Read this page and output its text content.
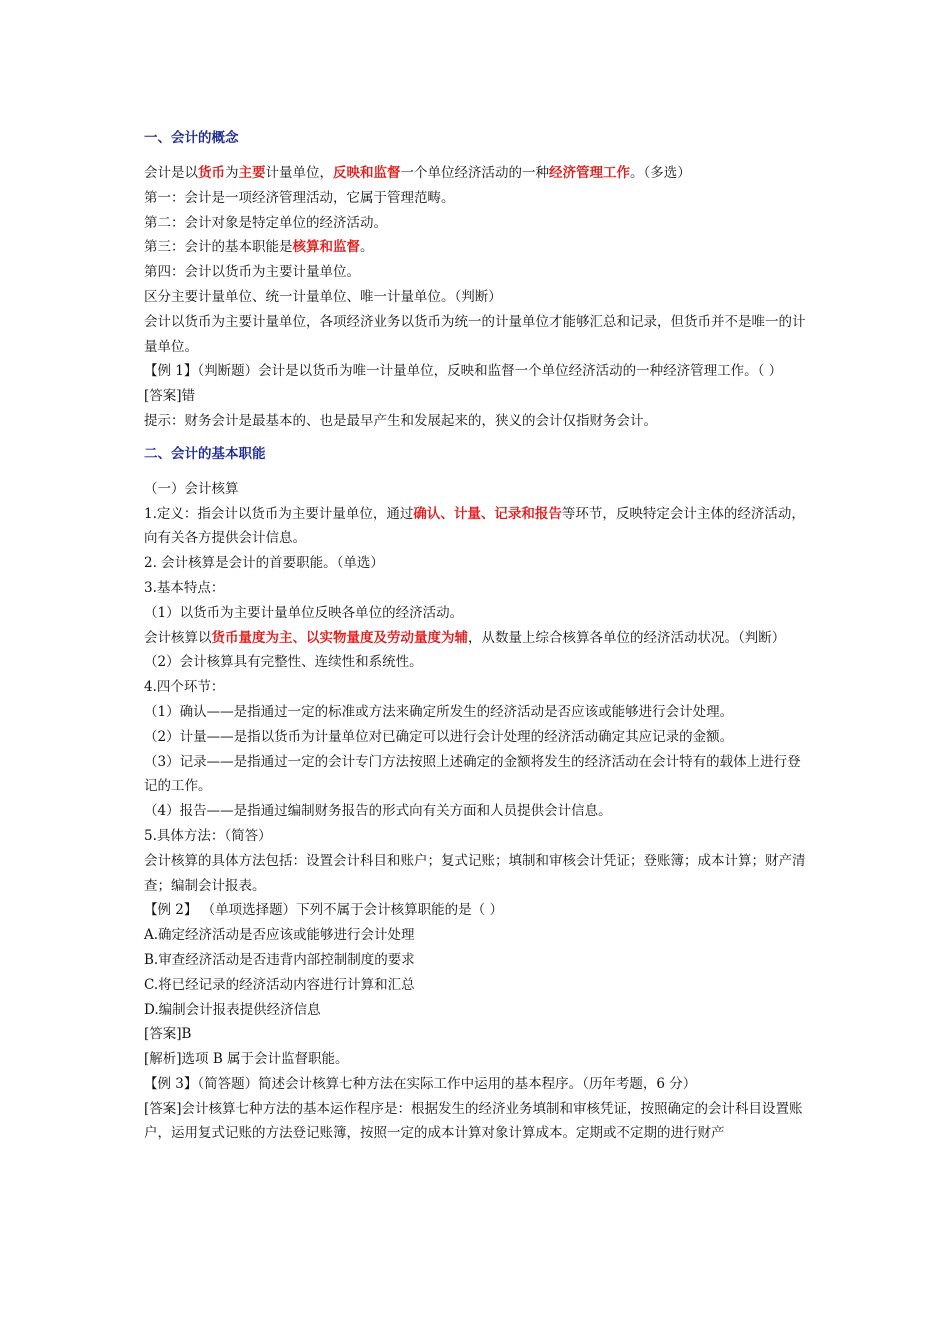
一、会计的概念

会计是以货币为主要计量单位，反映和监督一个单位经济活动的一种经济管理工作。（多选）

第一：会计是一项经济管理活动，它属于管理范畴。

第二：会计对象是特定单位的经济活动。

第三：会计的基本职能是核算和监督。

第四：会计以货币为主要计量单位。

区分主要计量单位、统一计量单位、唯一计量单位。（判断）

会计以货币为主要计量单位，各项经济业务以货币为统一的计量单位才能够汇总和记录，但货币并不是唯一的计量单位。

【例 1】（判断题）会计是以货币为唯一计量单位，反映和监督一个单位经济活动的一种经济管理工作。（ ）

[答案]错

提示：财务会计是最基本的、也是最早产生和发展起来的，狭义的会计仅指财务会计。

二、会计的基本职能

（一）会计核算

1.定义：指会计以货币为主要计量单位，通过确认、计量、记录和报告等环节，反映特定会计主体的经济活动，向有关各方提供会计信息。

2. 会计核算是会计的首要职能。（单选）

3.基本特点：

（1）以货币为主要计量单位反映各单位的经济活动。

会计核算以货币量度为主、以实物量度及劳动量度为辅，从数量上综合核算各单位的经济活动状况。（判断）

（2）会计核算具有完整性、连续性和系统性。

4.四个环节：

（1）确认——是指通过一定的标准或方法来确定所发生的经济活动是否应该或能够进行会计处理。

（2）计量——是指以货币为计量单位对已确定可以进行会计处理的经济活动确定其应记录的金额。

（3）记录——是指通过一定的会计专门方法按照上述确定的金额将发生的经济活动在会计特有的载体上进行登记的工作。

（4）报告——是指通过编制财务报告的形式向有关方面和人员提供会计信息。

5.具体方法：（简答）

会计核算的具体方法包括：设置会计科目和账户；复式记账；填制和审核会计凭证；登账簿；成本计算；财产清查；编制会计报表。

【例 2】 （单项选择题）下列不属于会计核算职能的是（ ）

A.确定经济活动是否应该或能够进行会计处理

B.审查经济活动是否违背内部控制制度的要求

C.将已经记录的经济活动内容进行计算和汇总

D.编制会计报表提供经济信息

[答案]B

[解析]选项 B 属于会计监督职能。

【例 3】（简答题）简述会计核算七种方法在实际工作中运用的基本程序。（历年考题，6 分）

[答案]会计核算七种方法的基本运作程序是：根据发生的经济业务填制和审核凭证，按照确定的会计科目设置账户，运用复式记账的方法登记账簿，按照一定的成本计算对象计算成本。定期或不定期的进行财产
